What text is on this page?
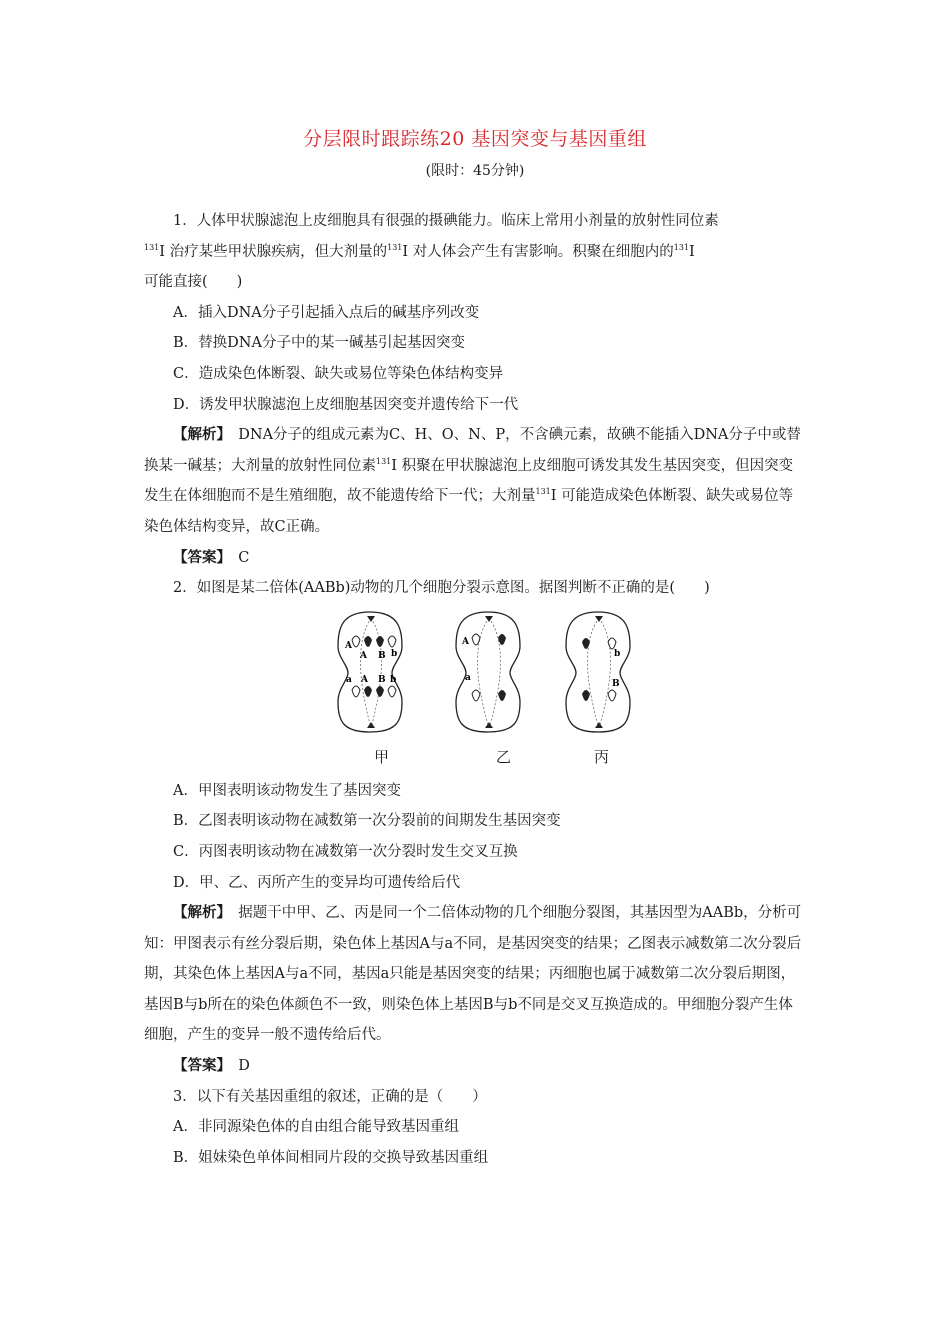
分层限时跟踪练20 基因突变与基因重组
(限时：45分钟)

1．人体甲状腺滤泡上皮细胞具有很强的摄碘能力。临床上常用小剂量的放射性同位素
$^{131}$I 治疗某些甲状腺疾病，但大剂量的$^{131}$I 对人体会产生有害影响。积聚在细胞内的$^{131}$I
可能直接(　　)

A．插入DNA分子引起插入点后的碱基序列改变

B．替换DNA分子中的某一碱基引起基因突变

C．造成染色体断裂、缺失或易位等染色体结构变异

D．诱发甲状腺滤泡上皮细胞基因突变并遗传给下一代

【解析】　DNA分子的组成元素为C、H、O、N、P，不含碘元素，故碘不能插入DNA分子中或替换某一碱基；大剂量的放射性同位素$^{131}$I 积聚在甲状腺滤泡上皮细胞可诱发其发生基因突变，但因突变发生在体细胞而不是生殖细胞，故不能遗传给下一代；大剂量$^{131}$I 可能造成染色体断裂、缺失或易位等染色体结构变异，故C正确。

【答案】　C

2．如图是某二倍体(AABb)动物的几个细胞分裂示意图。据图判断不正确的是(　　)

A
A B b
a A B b
A
a
b
B
甲	乙	丙

A．甲图表明该动物发生了基因突变

B．乙图表明该动物在减数第一次分裂前的间期发生基因突变

C．丙图表明该动物在减数第一次分裂时发生交叉互换

D．甲、乙、丙所产生的变异均可遗传给后代

【解析】　据题干中甲、乙、丙是同一个二倍体动物的几个细胞分裂图，其基因型为AABb，分析可知：甲图表示有丝分裂后期，染色体上基因A与a不同，是基因突变的结果；乙图表示减数第二次分裂后期，其染色体上基因A与a不同，基因a只能是基因突变的结果；丙细胞也属于减数第二次分裂后期图，基因B与b所在的染色体颜色不一致，则染色体上基因B与b不同是交叉互换造成的。甲细胞分裂产生体细胞，产生的变异一般不遗传给后代。

【答案】　D

3．以下有关基因重组的叙述，正确的是（　　）

A．非同源染色体的自由组合能导致基因重组

B．姐妹染色单体间相同片段的交换导致基因重组
